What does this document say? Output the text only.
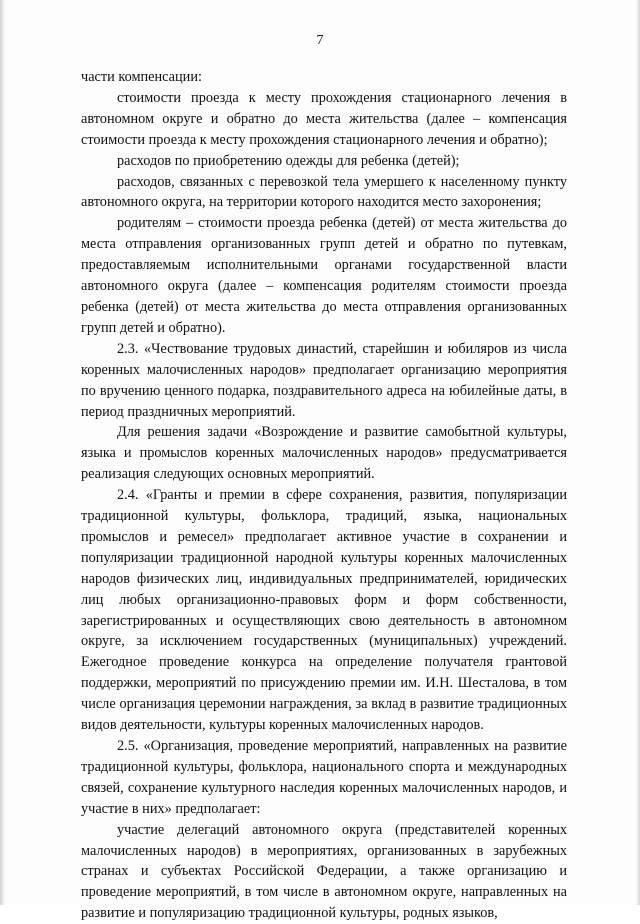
7

части компенсации:

стоимости проезда к месту прохождения стационарного лечения в автономном округе и обратно до места жительства (далее – компенсация стоимости проезда к месту прохождения стационарного лечения и обратно);

расходов по приобретению одежды для ребенка (детей);

расходов, связанных с перевозкой тела умершего к населенному пункту автономного округа, на территории которого находится место захоронения;

родителям – стоимости проезда ребенка (детей) от места жительства до места отправления организованных групп детей и обратно по путевкам, предоставляемым исполнительными органами государственной власти автономного округа (далее – компенсация родителям стоимости проезда ребенка (детей) от места жительства до места отправления организованных групп детей и обратно).

2.3. «Чествование трудовых династий, старейшин и юбиляров из числа коренных малочисленных народов» предполагает организацию мероприятия по вручению ценного подарка, поздравительного адреса на юбилейные даты, в период праздничных мероприятий.

Для решения задачи «Возрождение и развитие самобытной культуры, языка и промыслов коренных малочисленных народов» предусматривается реализация следующих основных мероприятий.

2.4. «Гранты и премии в сфере сохранения, развития, популяризации традиционной культуры, фольклора, традиций, языка, национальных промыслов и ремесел» предполагает активное участие в сохранении и популяризации традиционной народной культуры коренных малочисленных народов физических лиц, индивидуальных предпринимателей, юридических лиц любых организационно-правовых форм и форм собственности, зарегистрированных и осуществляющих свою деятельность в автономном округе, за исключением государственных (муниципальных) учреждений. Ежегодное проведение конкурса на определение получателя грантовой поддержки, мероприятий по присуждению премии им. И.Н. Шесталова, в том числе организация церемонии награждения, за вклад в развитие традиционных видов деятельности, культуры коренных малочисленных народов.

2.5. «Организация, проведение мероприятий, направленных на развитие традиционной культуры, фольклора, национального спорта и международных связей, сохранение культурного наследия коренных малочисленных народов, и участие в них» предполагает:

участие делегаций автономного округа (представителей коренных малочисленных народов) в мероприятиях, организованных в зарубежных странах и субъектах Российской Федерации, а также организацию и проведение мероприятий, в том числе в автономном округе, направленных на развитие и популяризацию традиционной культуры, родных языков,
